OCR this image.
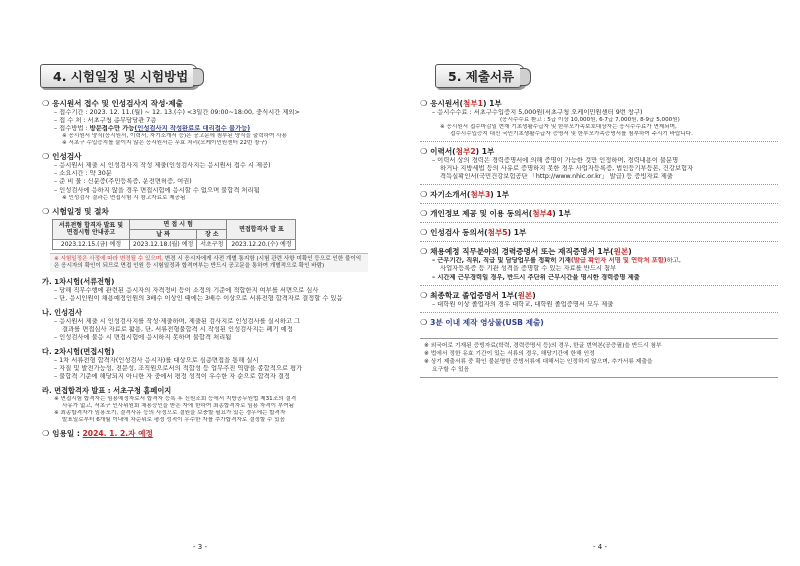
4. 시험일정 및 시험방법
❍ 응시원서 접수 및 인성검사지 작성·제출
– 접수기간 : 2023. 12. 11.(월) ~ 12. 13.(수) <3일간 09:00~18:00, 중식시간 제외>
– 접 수 처 : 서초구청 총무담당관 7층
– 접수방법 : 방문접수만 가능(인성검사지 작성완료로 대리접수 불가능)
※ 응시원서 양식(응시원서, 이력서, 자기소개서 등)은 공고문에 첨부된 양식을 출력하여 사용
※ 서초구 수입증지를 붙이지 않은 응시원서는 무효 처리(오케이민원센터 22번 창구)
❍ 인성검사
– 응시원서 제출 시 인성검사지 작성 제출(인성검사지는 응시원서 접수 시 제공)
– 소요시간 : 약 30분
– 준 비 물 : 신분증(주민등록증, 운전면허증, 여권)
– 인성검사에 응하지 않을 경우 면접시험에 응시할 수 없으며 불합격 처리됨
※ 인성검사 결과는 면접시험 시 참고자료로 제공됨
❍ 시험일정 및 절차
서류전형 합격자 발표 및 면접시험 안내공고	면 접 시 험		면접합격자 발 표
	날 짜	장 소	
2023.12.15.(금) 예정	2023.12.18.(월) 예정	서초구청	2023.12.20.(수) 예정
※ 시험일정은 사정에 따라 변경될 수 있으며, 변경 시 응시자에게 사전 개별 통지함 (시험 관련 사항 미확인 등으로 인한 불이익은 응시자의 확인이 되므로 면접 인원 등 시험일정과 합격여부는 반드시 공고문을 통하여 개별적으로 확인 바람)
가. 1차시험(서류전형)
– 당해 직무수행에 관련된 응시자의 자격정비 등이 소정의 기준에 적합한지 여부를 서면으로 심사
– 단, 응시인원이 채용예정인원의 3배수 이상인 때에는 3배수 이상으로 서류전형 합격자로 결정할 수 있음
나. 인성검사
– 응시원서 제출 시 인성검사지를 작성·제출하며, 제출된 검사지로 인성검사를 실시하고 그
결과를 면접심사 자료로 활용, 단, 서류전형불합격 시 작성된 인성검사지는 폐기 예정
– 인성검사에 불응 시 면접시험에 응시하지 못하며 불합격 처리됨
다. 2차시험(면접시험)
– 1차 서류전형 합격자(인성검사 응시자)를 대상으로 심층면접을 통해 실시
– 자질 및 발전가능성, 전문성, 조직원으로서의 적합성 등 업무추진 역량을 종합적으로 평가
– 불합격 기준에 해당되지 아니한 자 중에서 평정 성적이 우수한 자 순으로 합격자 결정
라. 면접합격자 발표 : 서초구청 홈페이지
※ 면접시험 합격자는 임용예정자로서 합격자 등록 후 신원조회 등에서 지방공무원법 제31조의 결격
사유가 없고, 서초구 인사위원회 채용승인을 받은 자에 한하여 최종합격자로 임용 자격이 부여됨
※ 최종합격자가 임용포기, 결격사유 등의 사정으로 결원을 보충할 필요가 있는 경우에는 합격자
발표일로부터 6개월 이내에 차순위로 평정 성적이 우수한 자를 추가합격자로 결정할 수 있음
❍ 임용일 : 2024. 1. 2.자 예정
- 3 -
5. 제출서류
❍ 응시원서(첨부1) 1부
– 응시수수료 : 서초구수입증지 5,000원(서초구청 오케이민원센터 9번 창구)
(응시수수료 환고 : 5급 이상 10,000원, 6·7급 7,000원, 8·9급 5,000원)
※ 응시원서 접수마감일 현재 기초생활수급자 및 한부모가족보호대상자는 응시수수료가 면제되며,
접수시수입증지 대신 국민기초생활수급자 증명서 및 한부모가족증명서를 첨부하여 주시기 바랍니다.
❍ 이력서(첨부2) 1부
– 이력서 상의 경력은 경력증명서에 의해 증명이 가능한 것만 인정하며, 경력내용이 불분명
하거나 지방세법 등의 사유로 증명하지 못한 경우 사업자등록증, 법인등기부등본, 건강보험자
격득실확인서(국민건강보험공단 「http://www.nhic.or.kr」 발급) 등 증빙자료 제출
❍ 자기소개서(첨부3) 1부
❍ 개인정보 제공 및 이용 동의서(첨부4) 1부
❍ 인성검사 동의서(첨부5) 1부
❍ 채용예정 직무분야의 경력증명서 또는 재직증명서 1부(원본)
– 근무기간, 직위, 직급 및 담당업무를 정확히 기재(발급 확인자 서명 및 연락처 포함)하고,
사업자등록증 등 기관 성격을 증명할 수 있는 자료를 반드시 첨부
– 시간제 근무경력일 경우, 반드시 주단위 근무시간을 명시한 경력증명 제출
❍ 최종학교 졸업증명서 1부(원본)
– 대학원 이상 졸업자의 경우 대학교, 대학원 졸업증명서 모두 제출
❍ 3분 이내 제작 영상물(USB 제출)
※ 외국어로 기재된 증빙자료(학력, 경력증명서 등)의 경우, 한글 번역본(공증필)을 반드시 첨부
※ 법에서 정한 유효 기간이 있는 서류의 경우, 해당기간에 한해 인정
※ 상기 제출서류 중 확인 불분명한 증빙서류에 대해서는 인정하지 않으며, 추가서류 제출을
요구할 수 있음
- 4 -
